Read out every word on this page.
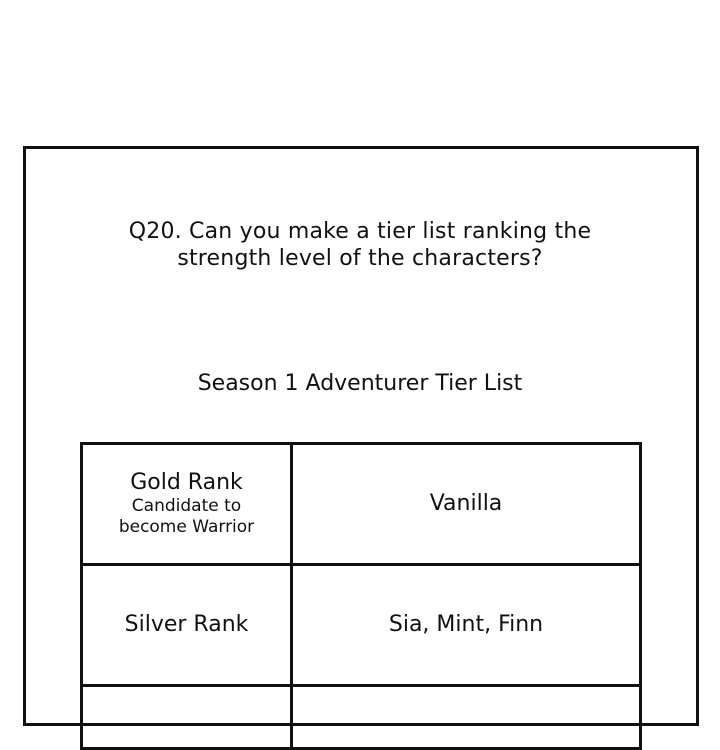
Q20. Can you make a tier list ranking the
strength level of the characters?
Season 1 Adventurer Tier List
Gold Rank
Candidate to
become Warrior	Vanilla

Silver Rank	Sia, Mint, Finn
